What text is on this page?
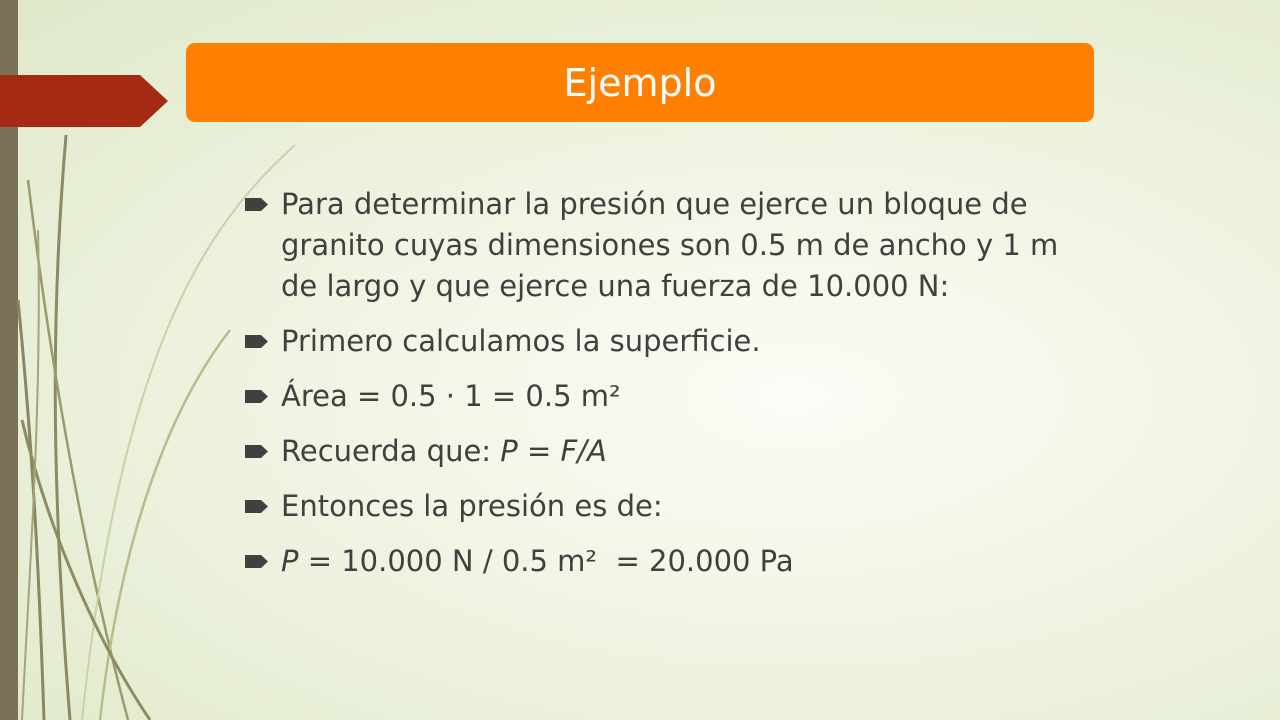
Ejemplo
Para determinar la presión que ejerce un bloque de granito cuyas dimensiones son 0.5 m de ancho y 1 m de largo y que ejerce una fuerza de 10.000 N:
Primero calculamos la superficie.
Área = 0.5 · 1 = 0.5 m²
Recuerda que: P = F/A
Entonces la presión es de:
P = 10.000 N / 0.5 m²  = 20.000 Pa
